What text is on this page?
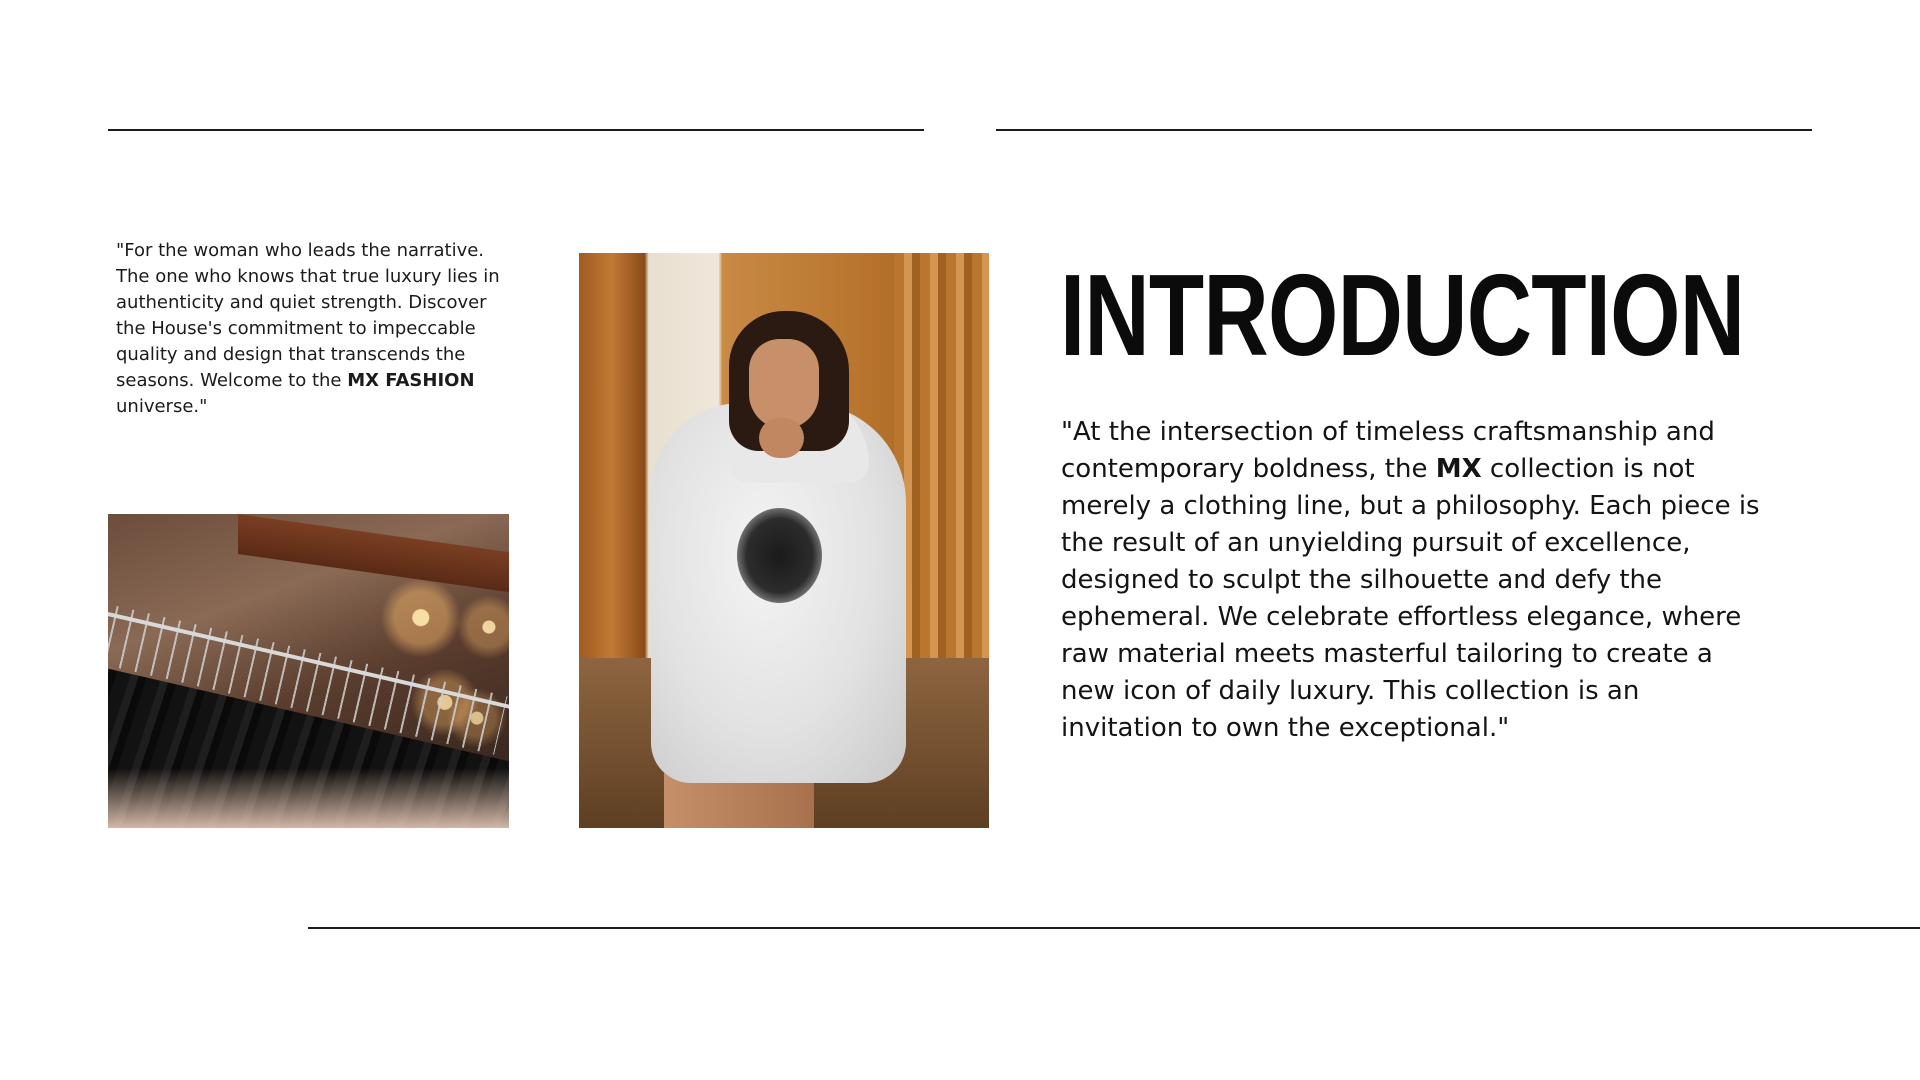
"For the woman who leads the narrative. The one who knows that true luxury lies in authenticity and quiet strength. Discover the House's commitment to impeccable quality and design that transcends the seasons. Welcome to the MX FASHION universe."
INTRODUCTION
"At the intersection of timeless craftsmanship and contemporary boldness, the MX collection is not merely a clothing line, but a philosophy. Each piece is the result of an unyielding pursuit of excellence, designed to sculpt the silhouette and defy the ephemeral. We celebrate effortless elegance, where raw material meets masterful tailoring to create a new icon of daily luxury. This collection is an invitation to own the exceptional."
